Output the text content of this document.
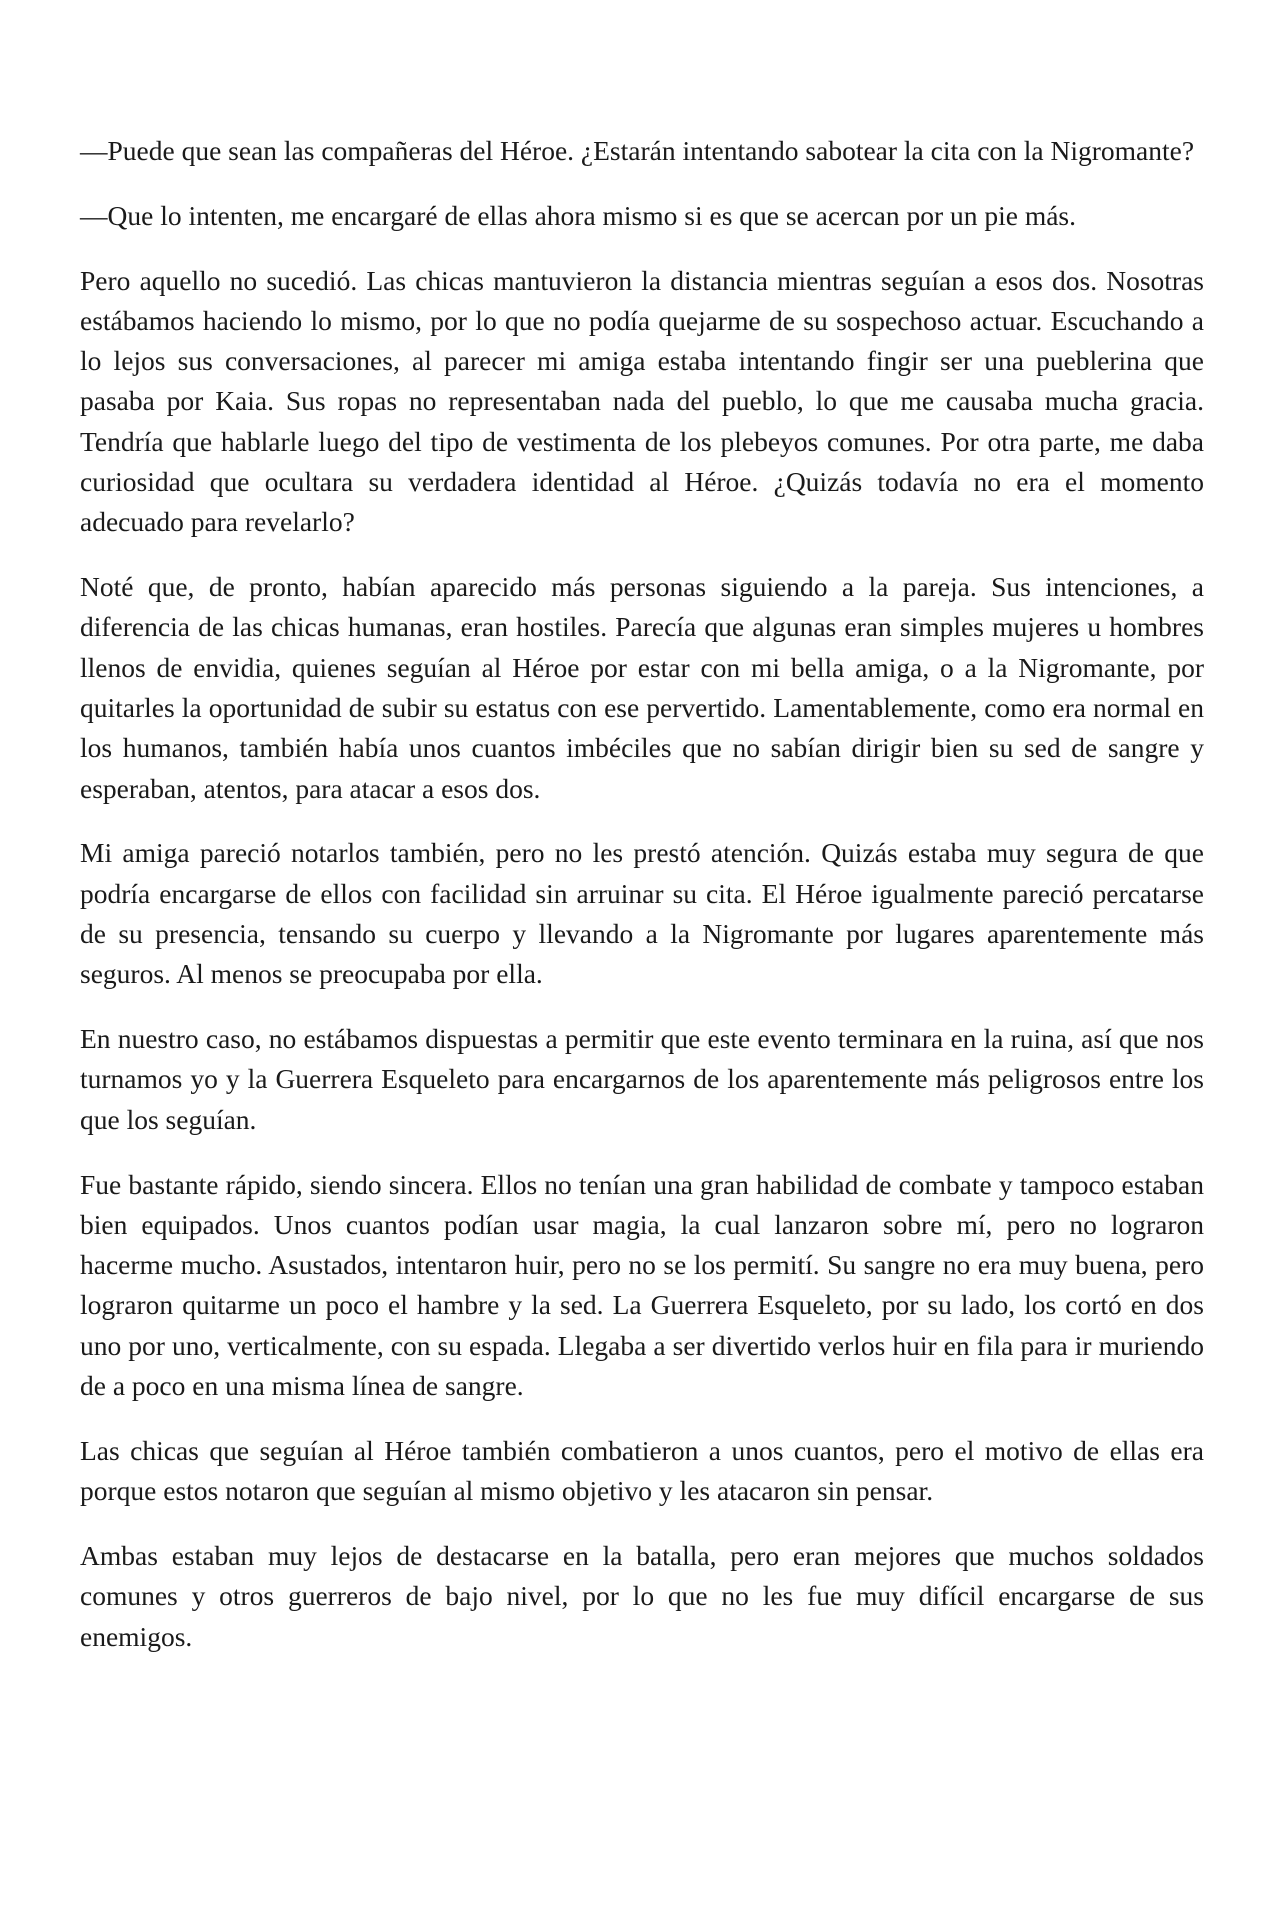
—Puede que sean las compañeras del Héroe. ¿Estarán intentando sabotear la cita con la Nigromante?

—Que lo intenten, me encargaré de ellas ahora mismo si es que se acercan por un pie más.

Pero aquello no sucedió. Las chicas mantuvieron la distancia mientras seguían a esos dos. Nosotras estábamos haciendo lo mismo, por lo que no podía quejarme de su sospechoso actuar. Escuchando a lo lejos sus conversaciones, al parecer mi amiga estaba intentando fingir ser una pueblerina que pasaba por Kaia. Sus ropas no representaban nada del pueblo, lo que me causaba mucha gracia. Tendría que hablarle luego del tipo de vestimenta de los plebeyos comunes. Por otra parte, me daba curiosidad que ocultara su verdadera identidad al Héroe. ¿Quizás todavía no era el momento adecuado para revelarlo?

Noté que, de pronto, habían aparecido más personas siguiendo a la pareja. Sus intenciones, a diferencia de las chicas humanas, eran hostiles. Parecía que algunas eran simples mujeres u hombres llenos de envidia, quienes seguían al Héroe por estar con mi bella amiga, o a la Nigromante, por quitarles la oportunidad de subir su estatus con ese pervertido. Lamentablemente, como era normal en los humanos, también había unos cuantos imbéciles que no sabían dirigir bien su sed de sangre y esperaban, atentos, para atacar a esos dos.

Mi amiga pareció notarlos también, pero no les prestó atención. Quizás estaba muy segura de que podría encargarse de ellos con facilidad sin arruinar su cita. El Héroe igualmente pareció percatarse de su presencia, tensando su cuerpo y llevando a la Nigromante por lugares aparentemente más seguros. Al menos se preocupaba por ella.

En nuestro caso, no estábamos dispuestas a permitir que este evento terminara en la ruina, así que nos turnamos yo y la Guerrera Esqueleto para encargarnos de los aparentemente más peligrosos entre los que los seguían.

Fue bastante rápido, siendo sincera. Ellos no tenían una gran habilidad de combate y tampoco estaban bien equipados. Unos cuantos podían usar magia, la cual lanzaron sobre mí, pero no lograron hacerme mucho. Asustados, intentaron huir, pero no se los permití. Su sangre no era muy buena, pero lograron quitarme un poco el hambre y la sed. La Guerrera Esqueleto, por su lado, los cortó en dos uno por uno, verticalmente, con su espada. Llegaba a ser divertido verlos huir en fila para ir muriendo de a poco en una misma línea de sangre.

Las chicas que seguían al Héroe también combatieron a unos cuantos, pero el motivo de ellas era porque estos notaron que seguían al mismo objetivo y les atacaron sin pensar.

Ambas estaban muy lejos de destacarse en la batalla, pero eran mejores que muchos soldados comunes y otros guerreros de bajo nivel, por lo que no les fue muy difícil encargarse de sus enemigos.
